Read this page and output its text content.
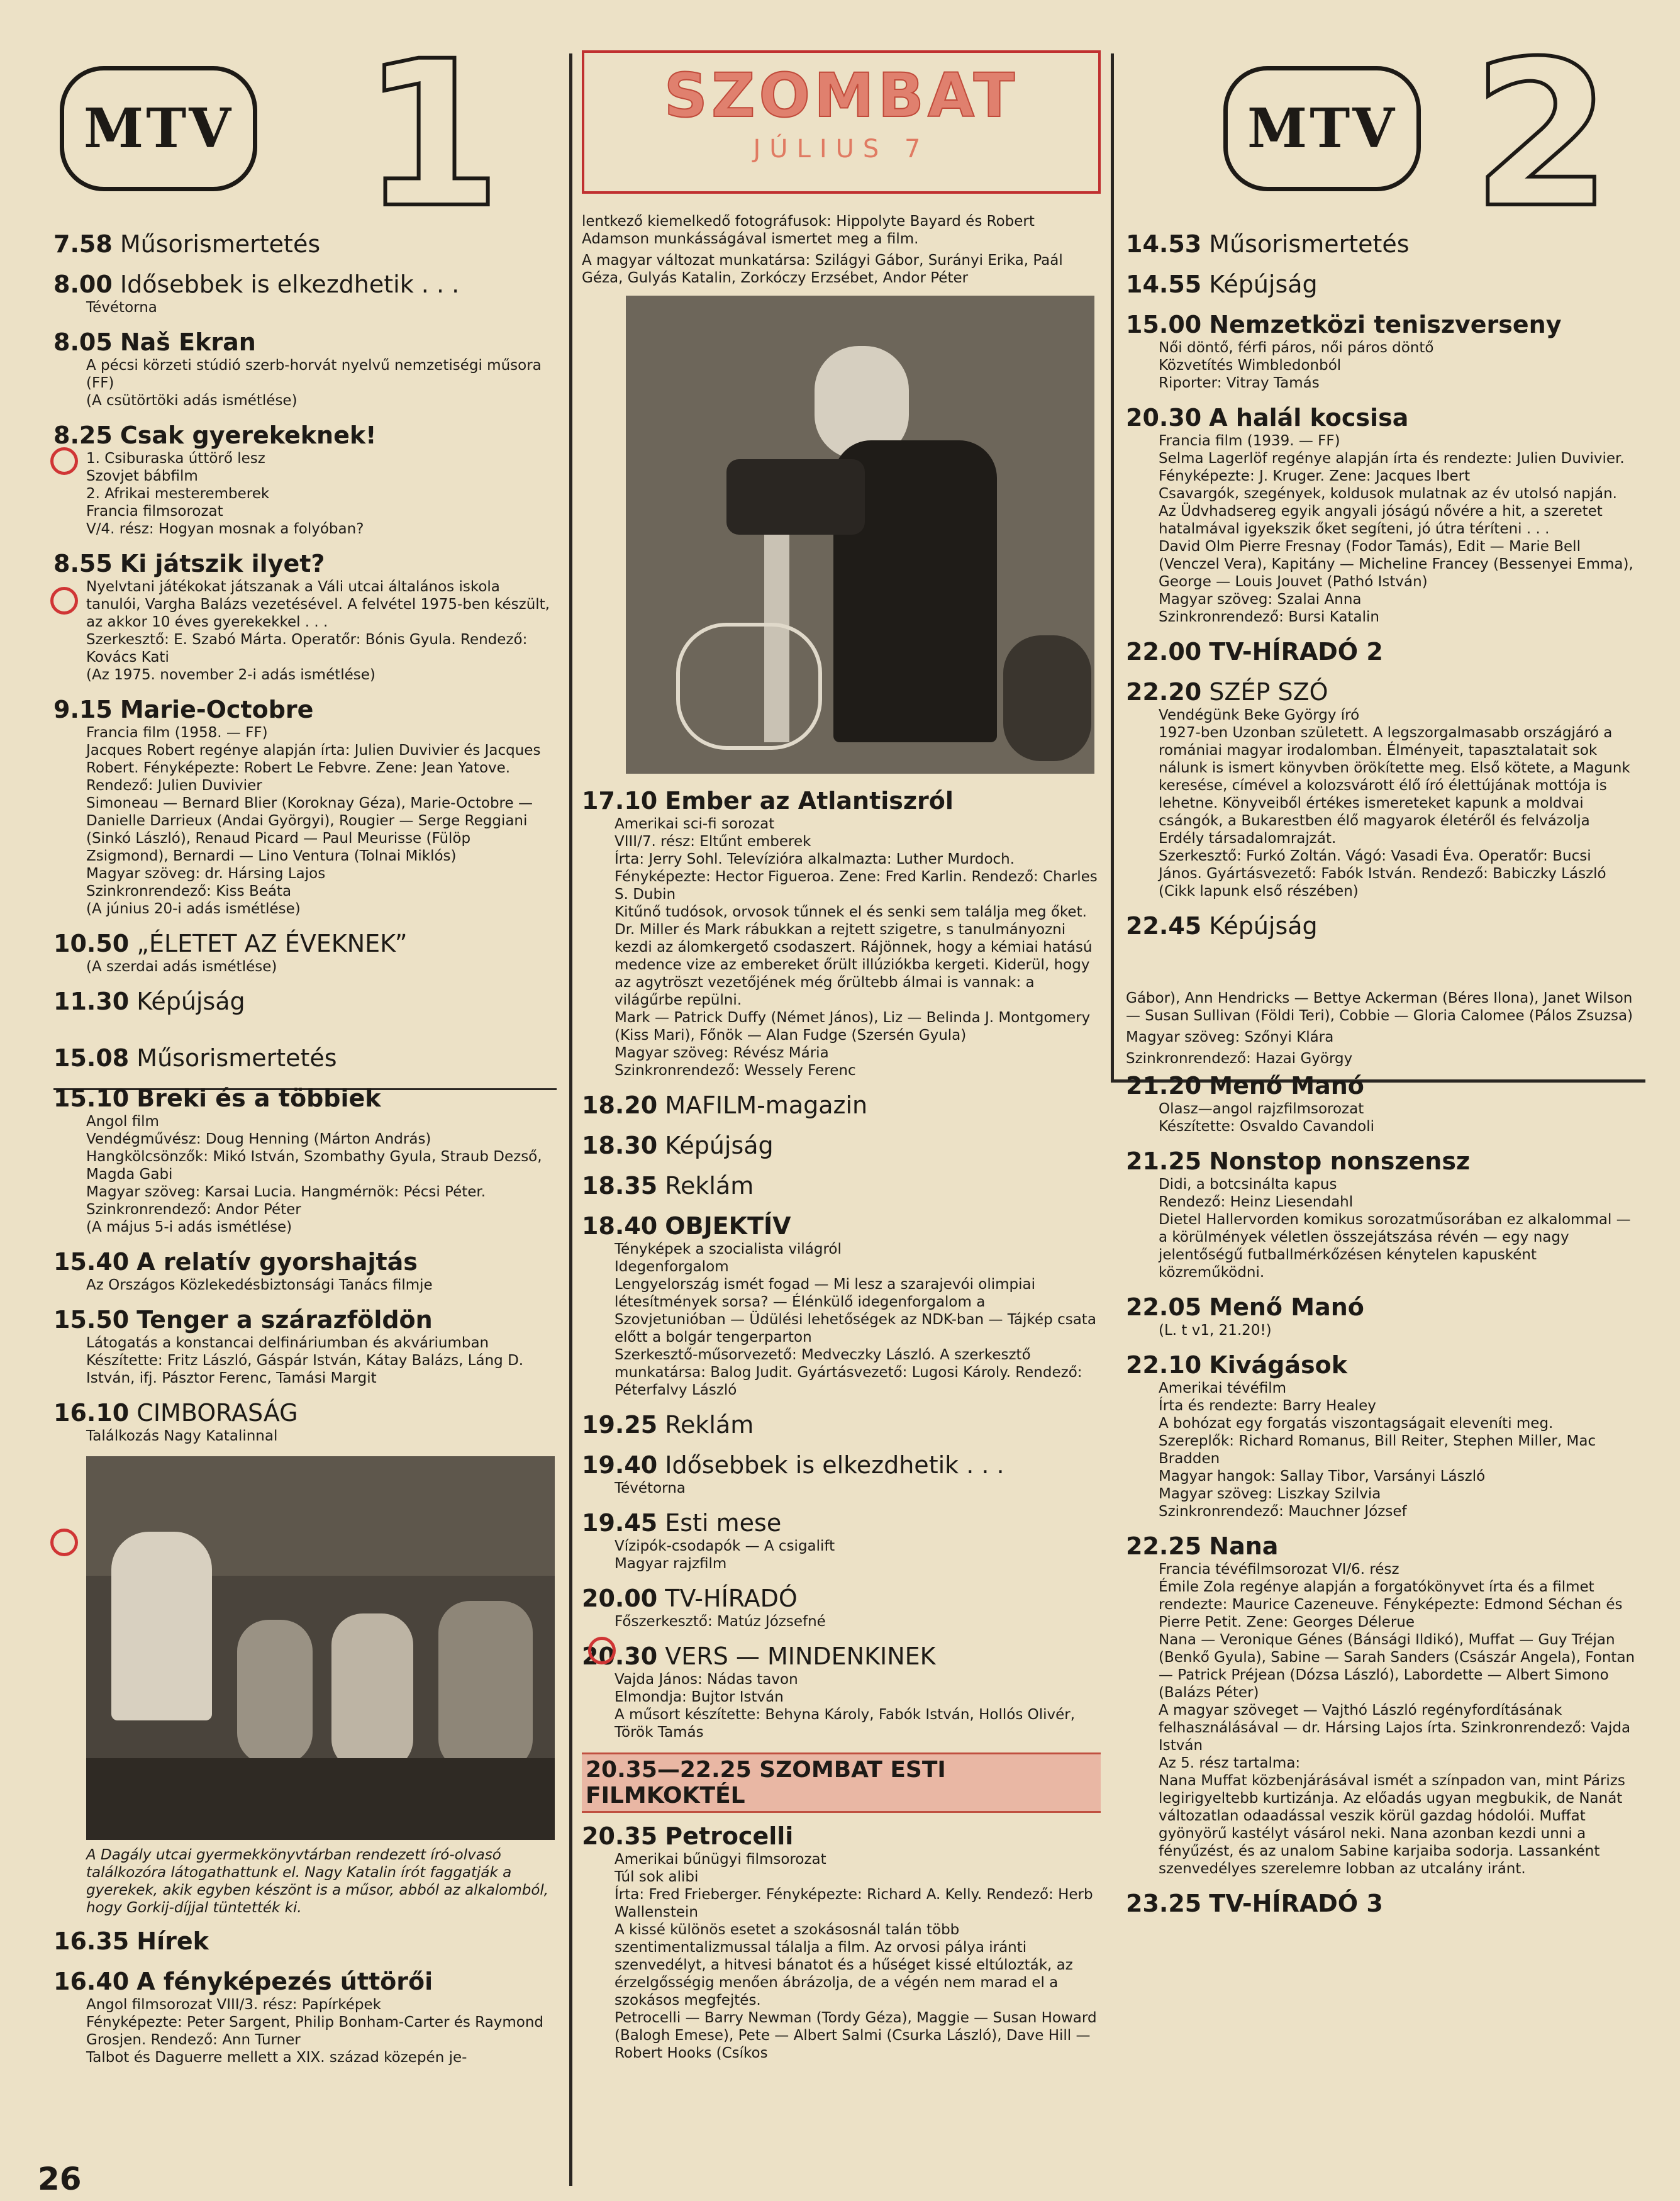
MTV 1
7.58 Műsorismertetés
8.00 Idősebbek is elkezdhetik . . .
Tévétorna
8.05 Naš Ekran
A pécsi körzeti stúdió szerb-horvát nyelvű nemzetiségi műsora (FF)
(A csütörtöki adás ismétlése)
8.25 Csak gyerekeknek!
1. Csiburaska úttörő lesz
Szovjet bábfilm
2. Afrikai mesteremberek
Francia filmsorozat
V/4. rész: Hogyan mosnak a folyóban?
8.55 Ki játszik ilyet?
Nyelvtani játékokat játszanak a Váli utcai általános iskola tanulói, Vargha Balázs vezetésével. A felvétel 1975-ben készült, az akkor 10 éves gyerekekkel . . .
Szerkesztő: E. Szabó Márta. Operatőr: Bónis Gyula. Rendező: Kovács Kati
(Az 1975. november 2-i adás ismétlése)
9.15 Marie-Octobre
Francia film (1958. — FF)
Jacques Robert regénye alapján írta: Julien Duvivier és Jacques Robert. Fényképezte: Robert Le Febvre. Zene: Jean Yatove. Rendező: Julien Duvivier
Simoneau — Bernard Blier (Koroknay Géza), Marie-Octobre — Danielle Darrieux (Andai Györgyi), Rougier — Serge Reggiani (Sinkó László), Renaud Picard — Paul Meurisse (Fülöp Zsigmond), Bernardi — Lino Ventura (Tolnai Miklós)
Magyar szöveg: dr. Hársing Lajos
Szinkronrendező: Kiss Beáta
(A június 20-i adás ismétlése)
10.50 „ÉLETET AZ ÉVEKNEK”
(A szerdai adás ismétlése)
11.30 Képújság
15.08 Műsorismertetés
15.10 Breki és a többiek
Angol film
Vendégművész: Doug Henning (Márton András)
Hangkölcsönzők: Mikó István, Szombathy Gyula, Straub Dezső, Magda Gabi
Magyar szöveg: Karsai Lucia. Hangmérnök: Pécsi Péter. Szinkronrendező: Andor Péter
(A május 5-i adás ismétlése)
15.40 A relatív gyorshajtás
Az Országos Közlekedésbiztonsági Tanács filmje
15.50 Tenger a szárazföldön
Látogatás a konstancai delfináriumban és akváriumban
Készítette: Fritz László, Gáspár István, Kátay Balázs, Láng D. István, ifj. Pásztor Ferenc, Tamási Margit
16.10 CIMBORASÁG
Találkozás Nagy Katalinnal
A Dagály utcai gyermekkönyvtárban rendezett író-olvasó találkozóra látogathattunk el. Nagy Katalin írót faggatják a gyerekek, akik egyben készönt is a műsor, abból az alkalomból, hogy Gorkij-díjjal tüntették ki.
16.35 Hírek
16.40 A fényképezés úttörői
Angol filmsorozat VIII/3. rész: Papírképek
Fényképezte: Peter Sargent, Philip Bonham-Carter és Raymond Grosjen. Rendező: Ann Turner
Talbot és Daguerre mellett a XIX. század közepén je-
SZOMBAT
JÚLIUS 7
lentkező kiemelkedő fotográfusok: Hippolyte Bayard és Robert Adamson munkásságával ismertet meg a film.
A magyar változat munkatársa: Szilágyi Gábor, Surányi Erika, Paál Géza, Gulyás Katalin, Zorkóczy Erzsébet, Andor Péter
17.10 Ember az Atlantiszról
Amerikai sci-fi sorozat
VIII/7. rész: Eltűnt emberek
Írta: Jerry Sohl. Televízióra alkalmazta: Luther Murdoch. Fényképezte: Hector Figueroa. Zene: Fred Karlin. Rendező: Charles S. Dubin
Kitűnő tudósok, orvosok tűnnek el és senki sem találja meg őket. Dr. Miller és Mark rábukkan a rejtett szigetre, s tanulmányozni kezdi az álomkergető csodaszert. Rájönnek, hogy a kémiai hatású medence vize az embereket őrült illúziókba kergeti. Kiderül, hogy az agytröszt vezetőjének még őrültebb álmai is vannak: a világűrbe repülni.
Mark — Patrick Duffy (Német János), Liz — Belinda J. Montgomery (Kiss Mari), Főnök — Alan Fudge (Szersén Gyula)
Magyar szöveg: Révész Mária
Szinkronrendező: Wessely Ferenc
18.20 MAFILM-magazin
18.30 Képújság
18.35 Reklám
18.40 OBJEKTÍV
Tényképek a szocialista világról
Idegenforgalom
Lengyelország ismét fogad — Mi lesz a szarajevói olimpiai létesítmények sorsa? — Élénkülő idegenforgalom a Szovjetunióban — Üdülési lehetőségek az NDK-ban — Tájkép csata előtt a bolgár tengerparton
Szerkesztő-műsorvezető: Medveczky László. A szerkesztő munkatársa: Balog Judit. Gyártásvezető: Lugosi Károly. Rendező: Péterfalvy László
19.25 Reklám
19.40 Idősebbek is elkezdhetik . . .
Tévétorna
19.45 Esti mese
Vízipók-csodapók — A csigalift
Magyar rajzfilm
20.00 TV-HÍRADÓ
Főszerkesztő: Matúz Józsefné
20.30 VERS — MINDENKINEK
Vajda János: Nádas tavon
Elmondja: Bujtor István
A műsort készítette: Behyna Károly, Fabók István, Hollós Olivér, Török Tamás
20.35—22.25 SZOMBAT ESTI FILMKOKTÉL
20.35 Petrocelli
Amerikai bűnügyi filmsorozat
Túl sok alibi
Írta: Fred Frieberger. Fényképezte: Richard A. Kelly. Rendező: Herb Wallenstein
A kissé különös esetet a szokásosnál talán több szentimentalizmussal tálalja a film. Az orvosi pálya iránti szenvedélyt, a hitvesi bánatot és a hűséget kissé eltúlozták, az érzelgősségig menően ábrázolja, de a végén nem marad el a szokásos megfejtés.
Petrocelli — Barry Newman (Tordy Géza), Maggie — Susan Howard (Balogh Emese), Pete — Albert Salmi (Csurka László), Dave Hill — Robert Hooks (Csíkos
MTV 2
14.53 Műsorismertetés
14.55 Képújság
15.00 Nemzetközi teniszverseny
Női döntő, férfi páros, női páros döntő
Közvetítés Wimbledonból
Riporter: Vitray Tamás
20.30 A halál kocsisa
Francia film (1939. — FF)
Selma Lagerlöf regénye alapján írta és rendezte: Julien Duvivier. Fényképezte: J. Kruger. Zene: Jacques Ibert
Csavargók, szegények, koldusok mulatnak az év utolsó napján. Az Üdvhadsereg egyik angyali jóságú nővére a hit, a szeretet hatalmával igyekszik őket segíteni, jó útra téríteni . . .
David Olm Pierre Fresnay (Fodor Tamás), Edit — Marie Bell (Venczel Vera), Kapitány — Micheline Francey (Bessenyei Emma), George — Louis Jouvet (Pathó István)
Magyar szöveg: Szalai Anna
Szinkronrendező: Bursi Katalin
22.00 TV-HÍRADÓ 2
22.20 SZÉP SZÓ
Vendégünk Beke György író
1927-ben Uzonban született. A legszorgalmasabb országjáró a romániai magyar irodalomban. Élményeit, tapasztalatait sok nálunk is ismert könyvben örökítette meg. Első kötete, a Magunk keresése, címével a kolozsvárott élő író élettújának mottója is lehetne. Könyveiből értékes ismereteket kapunk a moldvai csángók, a Bukarestben élő magyarok életéről és felvázolja Erdély társadalomrajzát.
Szerkesztő: Furkó Zoltán. Vágó: Vasadi Éva. Operatőr: Bucsi János. Gyártásvezető: Fabók István. Rendező: Babiczky László
(Cikk lapunk első részében)
22.45 Képújság
Gábor), Ann Hendricks — Bettye Ackerman (Béres Ilona), Janet Wilson — Susan Sullivan (Földi Teri), Cobbie — Gloria Calomee (Pálos Zsuzsa)
Magyar szöveg: Szőnyi Klára
Szinkronrendező: Hazai György
21.20 Menő Manó
Olasz—angol rajzfilmsorozat
Készítette: Osvaldo Cavandoli
21.25 Nonstop nonszensz
Didi, a botcsinálta kapus
Rendező: Heinz Liesendahl
Dietel Hallervorden komikus sorozatműsorában ez alkalommal — a körülmények véletlen összejátszása révén — egy nagy jelentőségű futballmérkőzésen kénytelen kapusként közreműködni.
22.05 Menő Manó
(L. t v1, 21.20!)
22.10 Kivágások
Amerikai tévéfilm
Írta és rendezte: Barry Healey
A bohózat egy forgatás viszontagságait eleveníti meg.
Szereplők: Richard Romanus, Bill Reiter, Stephen Miller, Mac Bradden
Magyar hangok: Sallay Tibor, Varsányi László
Magyar szöveg: Liszkay Szilvia
Szinkronrendező: Mauchner József
22.25 Nana
Francia tévéfilmsorozat VI/6. rész
Émile Zola regénye alapján a forgatókönyvet írta és a filmet rendezte: Maurice Cazeneuve. Fényképezte: Edmond Séchan és Pierre Petit. Zene: Georges Délerue
Nana — Veronique Génes (Bánsági Ildikó), Muffat — Guy Tréjan (Benkő Gyula), Sabine — Sarah Sanders (Császár Angela), Fontan — Patrick Préjean (Dózsa László), Labordette — Albert Simono (Balázs Péter)
A magyar szöveget — Vajthó László regényfordításának felhasználásával — dr. Hársing Lajos írta. Szinkronrendező: Vajda István
Az 5. rész tartalma:
Nana Muffat közbenjárásával ismét a színpadon van, mint Párizs legirigyeltebb kurtizánja. Az előadás ugyan megbukik, de Nanát változatlan odaadással veszik körül gazdag hódolói. Muffat gyönyörű kastélyt vásárol neki. Nana azonban kezdi unni a fényűzést, és az unalom Sabine karjaiba sodorja. Lassanként szenvedélyes szerelemre lobban az utcalány iránt.
23.25 TV-HÍRADÓ 3
26
